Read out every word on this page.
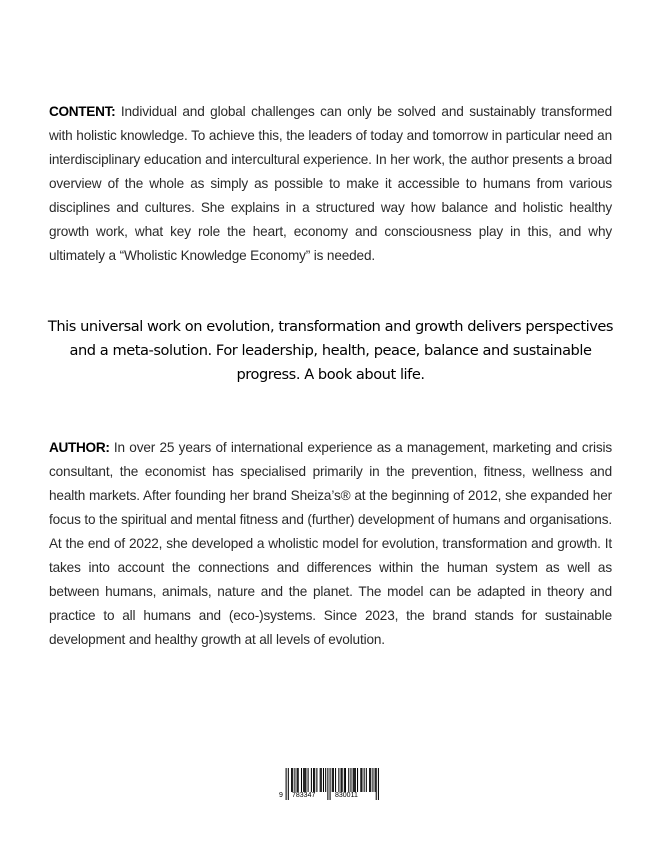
CONTENT: Individual and global challenges can only be solved and sustainably transformed with holistic knowledge. To achieve this, the leaders of today and tomorrow in particular need an interdisciplinary education and intercultural experience. In her work, the author presents a broad overview of the whole as simply as possible to make it accessible to humans from various disciplines and cultures. She explains in a structured way how balance and holistic healthy growth work, what key role the heart, economy and consciousness play in this, and why ultimately a “Wholistic Knowledge Economy” is needed.

This universal work on evolution, transformation and growth delivers perspectives and a meta-solution. For leadership, health, peace, balance and sustainable progress. A book about life.

AUTHOR: In over 25 years of international experience as a management, marketing and crisis consultant, the economist has specialised primarily in the prevention, fitness, wellness and health markets. After founding her brand Sheiza’s® at the beginning of 2012, she expanded her focus to the spiritual and mental fitness and (further) development of humans and organisations. At the end of 2022, she developed a wholistic model for evolution, transformation and growth. It takes into account the connections and differences within the human system as well as between humans, animals, nature and the planet. The model can be adapted in theory and practice to all humans and (eco-)systems. Since 2023, the brand stands for sustainable development and healthy growth at all levels of evolution.

9 783347	830011
